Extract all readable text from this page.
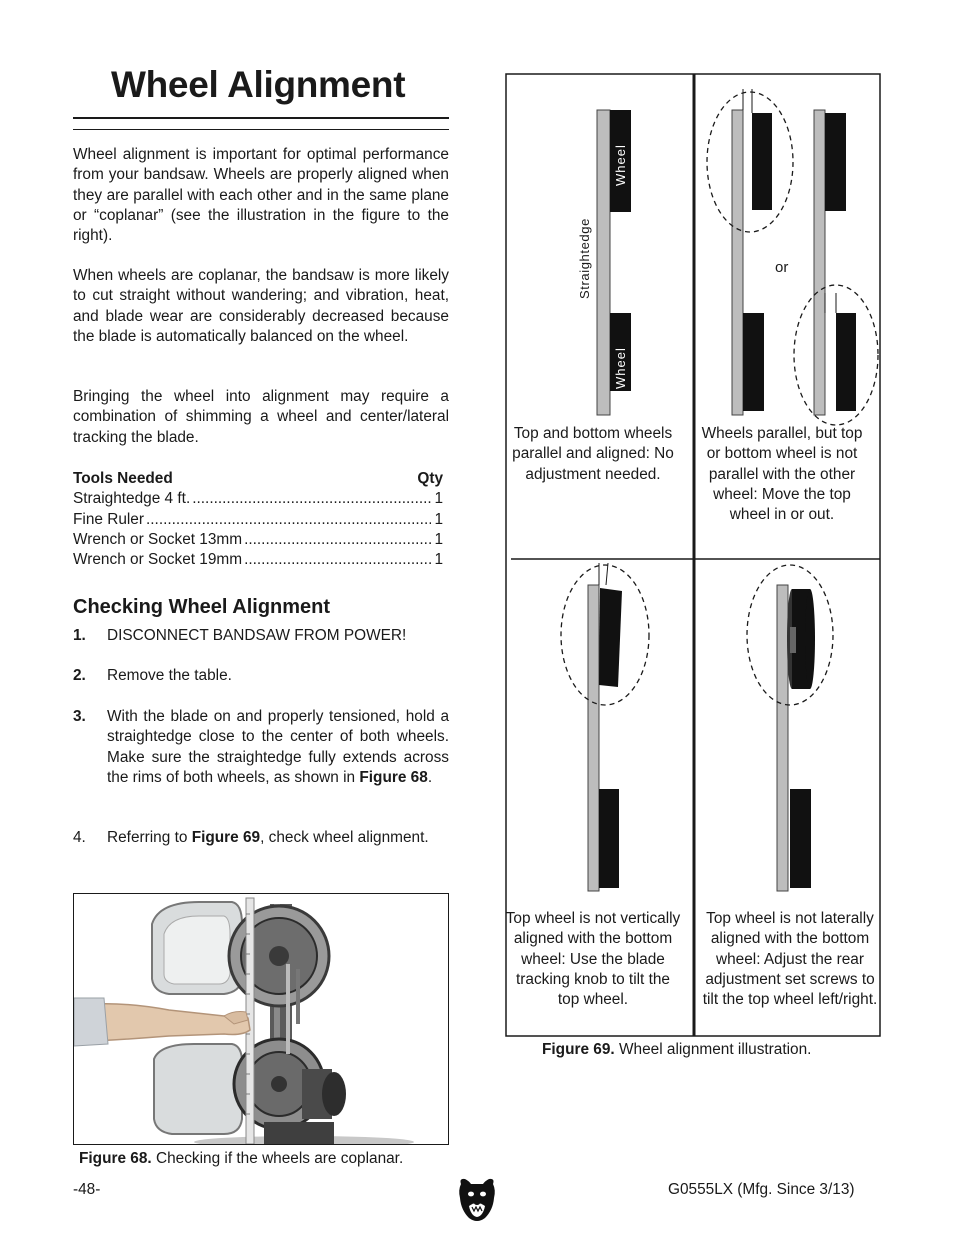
Wheel Alignment

Wheel alignment is important for optimal performance from your bandsaw. Wheels are properly aligned when they are parallel with each other and in the same plane or “coplanar” (see the illustration in the figure to the right).

When wheels are coplanar, the bandsaw is more likely to cut straight without wandering; and vibration, heat, and blade wear are considerably decreased because the blade is automatically balanced on the wheel.

Bringing the wheel into alignment may require a combination of shimming a wheel and center/lateral tracking the blade.

Tools Needed	Qty
Straightedge 4 ft. .....	1
Fine Ruler .....	1
Wrench or Socket 13mm .....	1
Wrench or Socket 19mm .....	1
Checking Wheel Alignment
1.	DISCONNECT BANDSAW FROM POWER!
2.	Remove the table.
3.	With the blade on and properly tensioned, hold a straightedge close to the center of both wheels. Make sure the straightedge fully extends across the rims of both wheels, as shown in Figure 68.
4.	Referring to Figure 69, check wheel alignment.
Figure 68. Checking if the wheels are coplanar.
Wheel
Wheel
Straightedge	or

Top and bottom wheels parallel and aligned: No adjustment needed.

Wheels parallel, but top or bottom wheel is not parallel with the other wheel: Move the top wheel in or out.

Top wheel is not vertically aligned with the bottom wheel: Use the blade tracking knob to tilt the top wheel.

Top wheel is not laterally aligned with the bottom wheel: Adjust the rear adjustment set screws to tilt the top wheel left/right.

Figure 69. Wheel alignment illustration.
-48-	G0555LX (Mfg. Since 3/13)
